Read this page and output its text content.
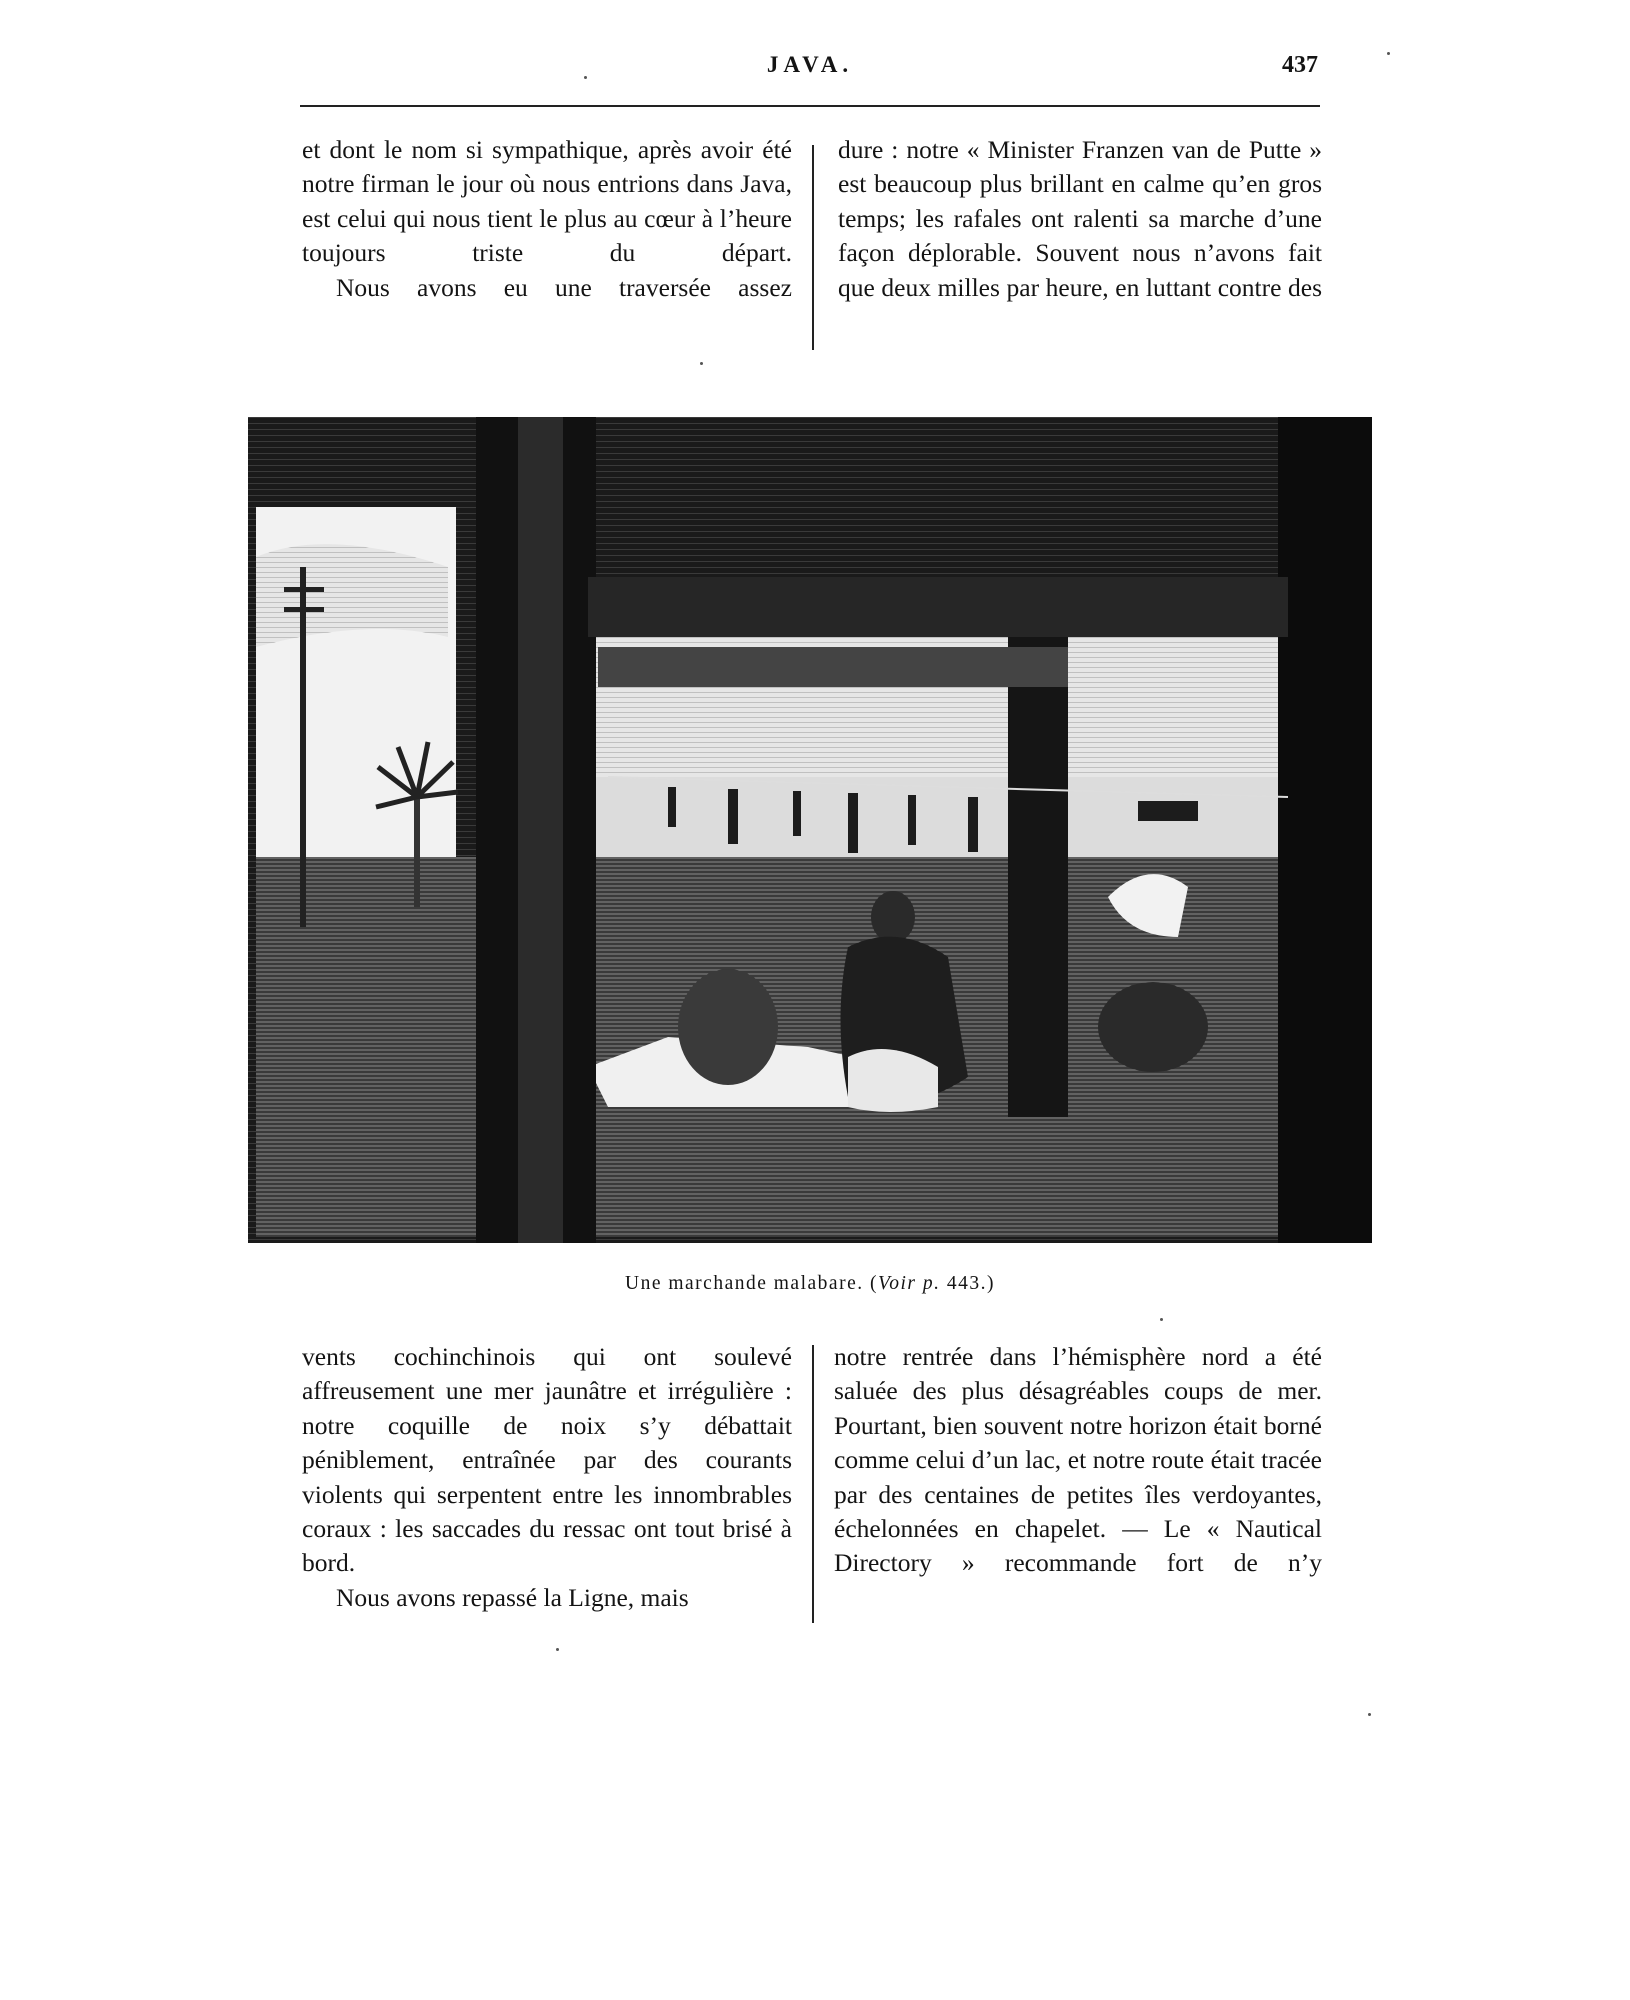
JAVA.	437

et dont le nom si sympathique, après avoir été notre firman le jour où nous entrions dans Java, est celui qui nous tient le plus au cœur à l’heure toujours triste du départ.

Nous avons eu une traversée assez

dure : notre « Minister Franzen van de Putte » est beaucoup plus brillant en calme qu’en gros temps; les rafales ont ralenti sa marche d’une façon déplorable. Souvent nous n’avons fait que deux milles par heure, en luttant contre des

Une marchande malabare. (Voir p. 443.)

vents cochinchinois qui ont soulevé affreusement une mer jaunâtre et irrégulière : notre coquille de noix s’y débattait péniblement, entraînée par des courants violents qui serpentent entre les innombrables coraux : les saccades du ressac ont tout brisé à bord.

Nous avons repassé la Ligne, mais

notre rentrée dans l’hémisphère nord a été saluée des plus désagréables coups de mer. Pourtant, bien souvent notre horizon était borné comme celui d’un lac, et notre route était tracée par des centaines de petites îles verdoyantes, échelonnées en chapelet. — Le « Nautical Directory » recommande fort de n’y
